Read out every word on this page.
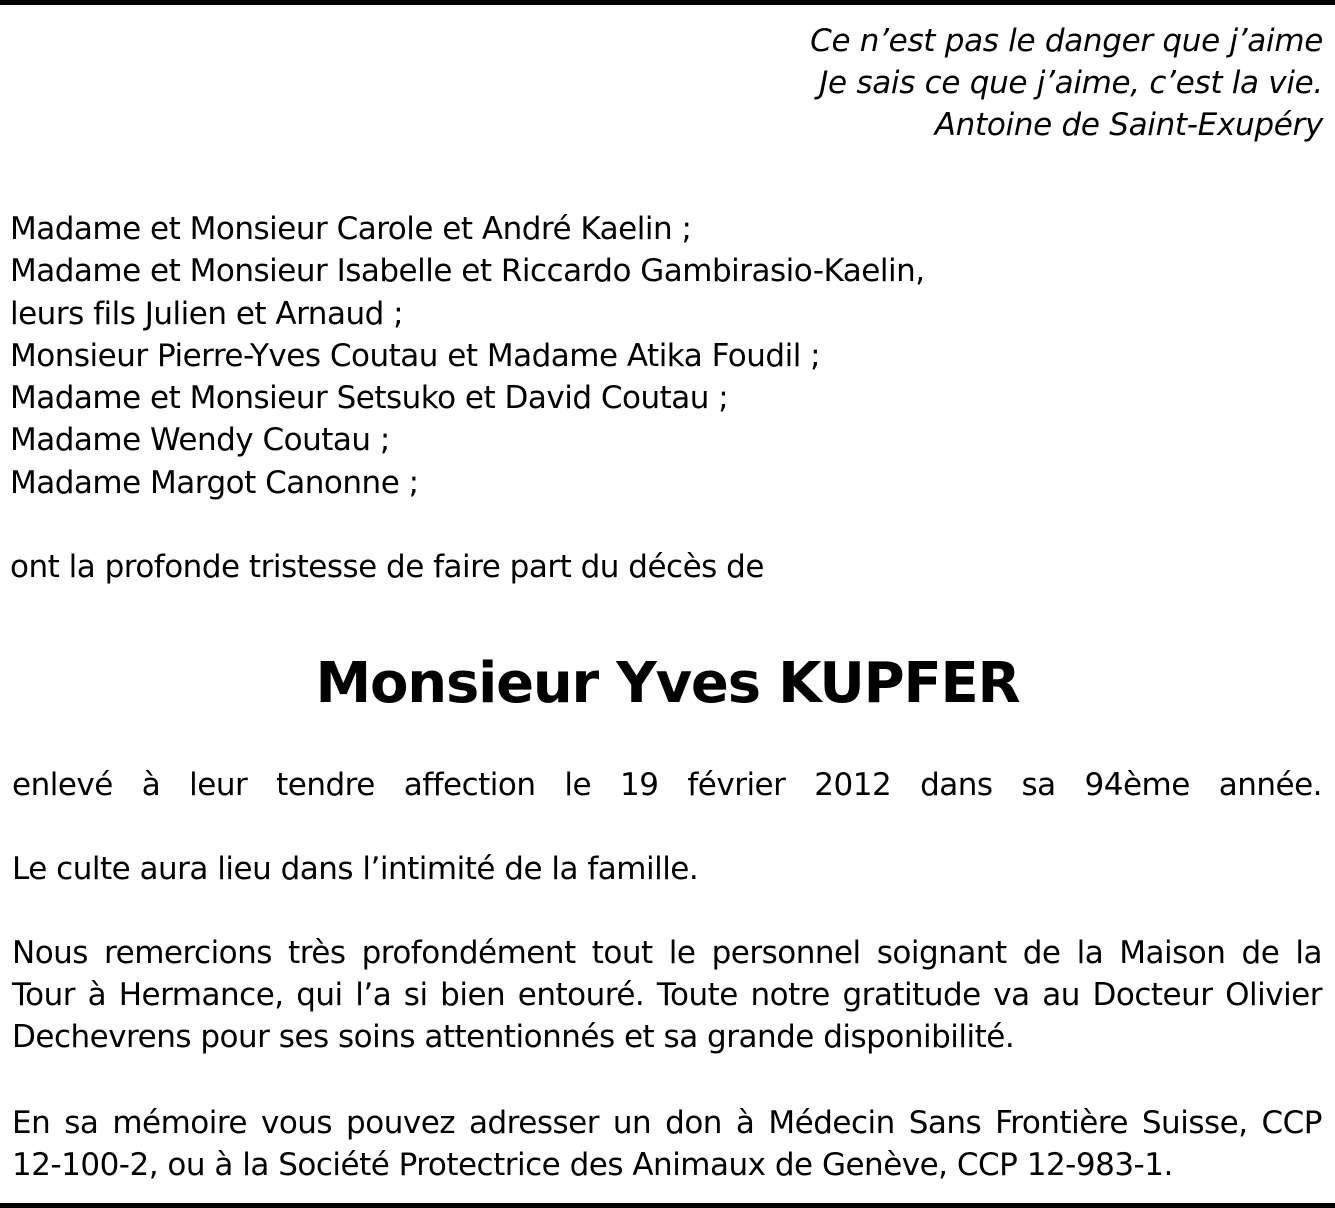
Ce n’est pas le danger que j’aime
Je sais ce que j’aime, c’est la vie.
Antoine de Saint-Exupéry
Madame et Monsieur Carole et André Kaelin ;
Madame et Monsieur Isabelle et Riccardo Gambirasio-Kaelin,
leurs fils Julien et Arnaud ;
Monsieur Pierre-Yves Coutau et Madame Atika Foudil ;
Madame et Monsieur Setsuko et David Coutau ;
Madame Wendy Coutau ;
Madame Margot Canonne ;
ont la profonde tristesse de faire part du décès de
Monsieur Yves KUPFER
enlevé à leur tendre affection le 19 février 2012 dans sa 94ème année.
Le culte aura lieu dans l’intimité de la famille.
Nous remercions très profondément tout le personnel soignant de la Maison de la
Tour à Hermance, qui l’a si bien entouré. Toute notre gratitude va au Docteur Olivier
Dechevrens pour ses soins attentionnés et sa grande disponibilité.
En sa mémoire vous pouvez adresser un don à Médecin Sans Frontière Suisse, CCP
12-100-2, ou à la Société Protectrice des Animaux de Genève, CCP 12-983-1.
